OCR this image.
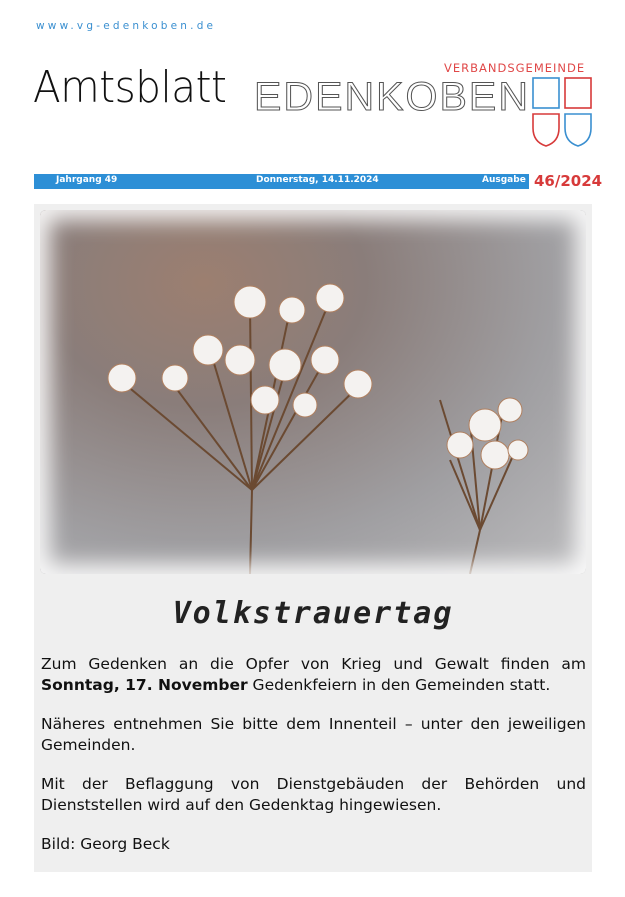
www.vg-edenkoben.de
Amtsblatt	VERBANDSGEMEINDE
EDENKOBEN
Jahrgang 49	Donnerstag, 14.11.2024	Ausgabe 46/2024
Volkstrauertag
Zum Gedenken an die Opfer von Krieg und Gewalt finden am Sonntag, 17. November Gedenkfeiern in den Gemeinden statt.
Näheres entnehmen Sie bitte dem Innenteil – unter den jeweiligen Gemeinden.
Mit der Beflaggung von Dienstgebäuden der Behörden und Dienststellen wird auf den Gedenktag hingewiesen.
Bild: Georg Beck
